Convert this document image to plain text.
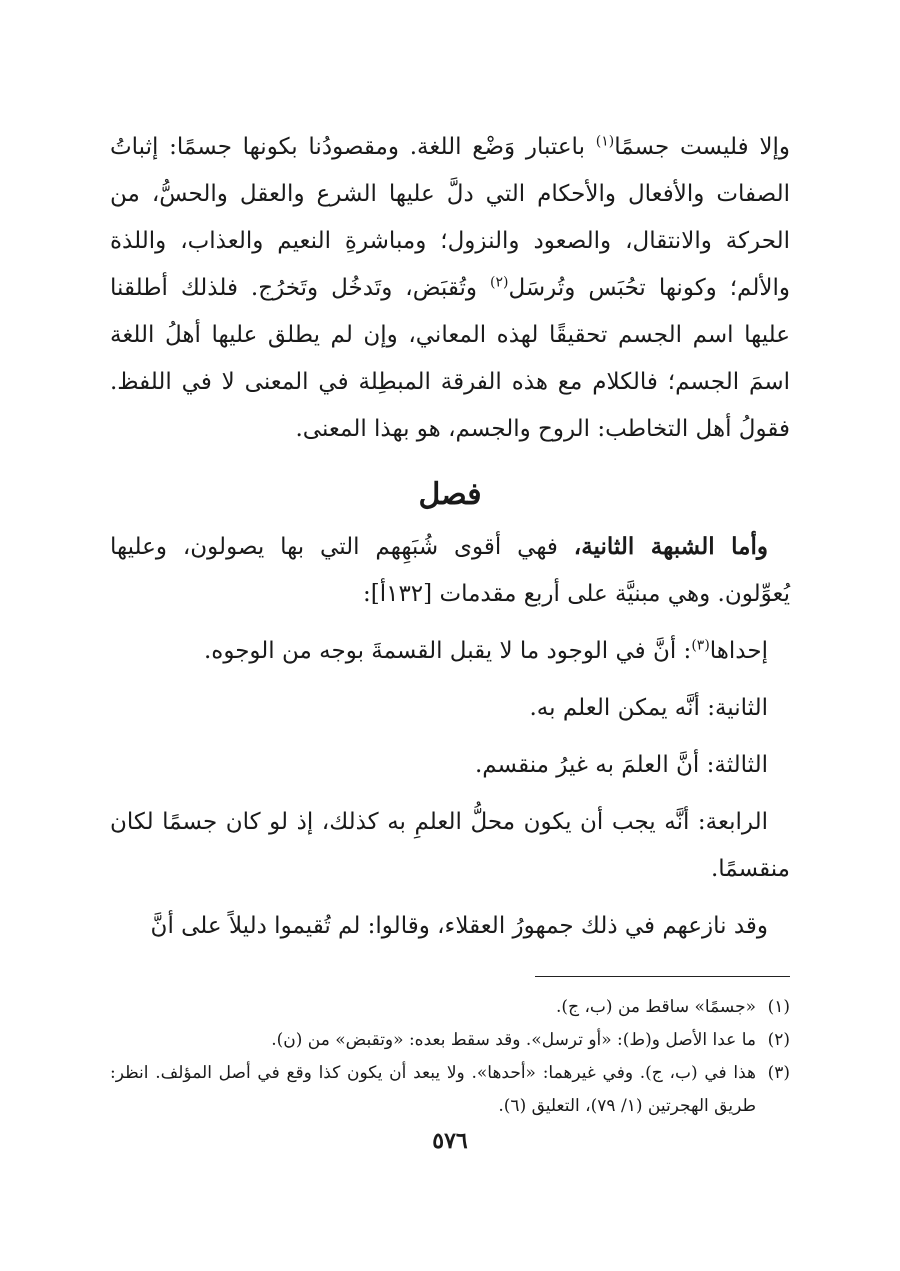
وإلا فليست جسمًا$^{(١)}$ باعتبار وَضْع اللغة. ومقصودُنا بكونها جسمًا: إثباتُ الصفات والأفعال والأحكام التي دلَّ عليها الشرع والعقل والحسُّ، من الحركة والانتقال، والصعود والنزول؛ ومباشرةِ النعيم والعذاب، واللذة والألم؛ وكونها تحُبَس وتُرسَل$^{(٢)}$ وتُقبَض، وتَدخُل وتَخرُج. فلذلك أطلقنا عليها اسم الجسم تحقيقًا لهذه المعاني، وإن لم يطلق عليها أهلُ اللغة اسمَ الجسم؛ فالكلام مع هذه الفرقة المبطِلة في المعنى لا في اللفظ. فقولُ أهل التخاطب: الروح والجسم، هو بهذا المعنى.

فصل

وأما الشبهة الثانية، فهي أقوى شُبَهِهم التي بها يصولون، وعليها يُعوِّلون. وهي مبنيَّة على أربع مقدمات [١٣٢أ]:

إحداها$^{(٣)}$: أنَّ في الوجود ما لا يقبل القسمةَ بوجه من الوجوه.

الثانية: أنَّه يمكن العلم به.

الثالثة: أنَّ العلمَ به غيرُ منقسم.

الرابعة: أنَّه يجب أن يكون محلُّ العلمِ به كذلك، إذ لو كان جسمًا لكان منقسمًا.

وقد نازعهم في ذلك جمهورُ العقلاء، وقالوا: لم تُقيموا دليلاً على أنَّ

(١)
«جسمًا» ساقط من (ب، ج).
(٢)
ما عدا الأصل و(ط): «أو ترسل». وقد سقط بعده: «وتقبض» من (ن).
(٣)
هذا في (ب، ج). وفي غيرهما: «أحدها». ولا يبعد أن يكون كذا وقع في أصل المؤلف. انظر: طريق الهجرتين (١/ ٧٩)، التعليق (٦).
٥٧٦
